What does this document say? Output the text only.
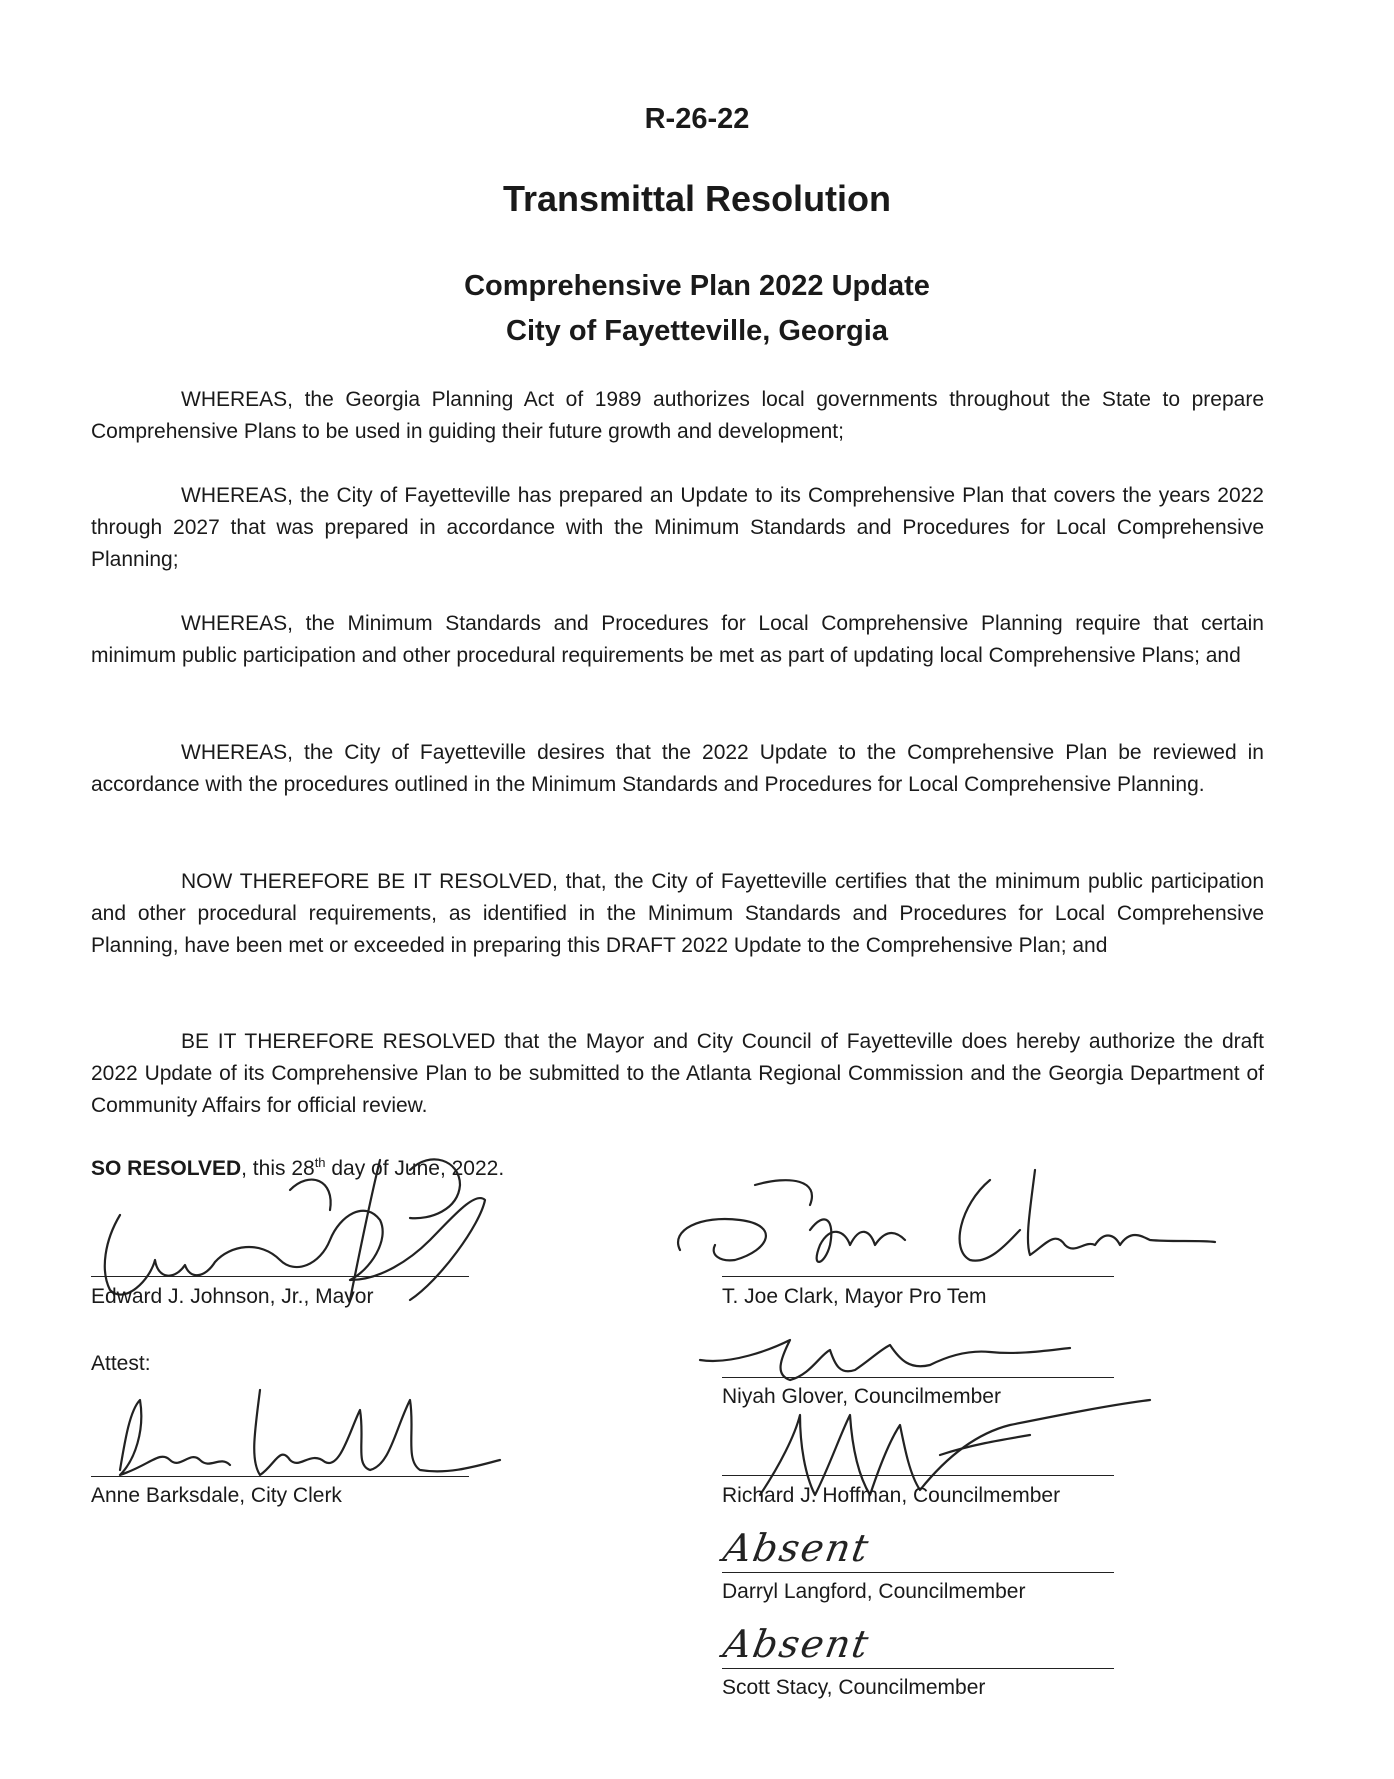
R-26-22
Transmittal Resolution
Comprehensive Plan 2022 Update
City of Fayetteville, Georgia

WHEREAS, the Georgia Planning Act of 1989 authorizes local governments throughout the State to prepare Comprehensive Plans to be used in guiding their future growth and development;

WHEREAS, the City of Fayetteville has prepared an Update to its Comprehensive Plan that covers the years 2022 through 2027 that was prepared in accordance with the Minimum Standards and Procedures for Local Comprehensive Planning;

WHEREAS, the Minimum Standards and Procedures for Local Comprehensive Planning require that certain minimum public participation and other procedural requirements be met as part of updating local Comprehensive Plans; and

WHEREAS, the City of Fayetteville desires that the 2022 Update to the Comprehensive Plan be reviewed in accordance with the procedures outlined in the Minimum Standards and Procedures for Local Comprehensive Planning.

NOW THEREFORE BE IT RESOLVED, that, the City of Fayetteville certifies that the minimum public participation and other procedural requirements, as identified in the Minimum Standards and Procedures for Local Comprehensive Planning, have been met or exceeded in preparing this DRAFT 2022 Update to the Comprehensive Plan; and

BE IT THEREFORE RESOLVED that the Mayor and City Council of Fayetteville does hereby authorize the draft 2022 Update of its Comprehensive Plan to be submitted to the Atlanta Regional Commission and the Georgia Department of Community Affairs for official review.

SO RESOLVED, this 28th day of June, 2022.

Edward J. Johnson, Jr., Mayor

Attest:

Anne Barksdale, City Clerk

T. Joe Clark, Mayor Pro Tem

Niyah Glover, Councilmember

Richard J. Hoffman, Councilmember

Absent

Darryl Langford, Councilmember

Absent

Scott Stacy, Councilmember
